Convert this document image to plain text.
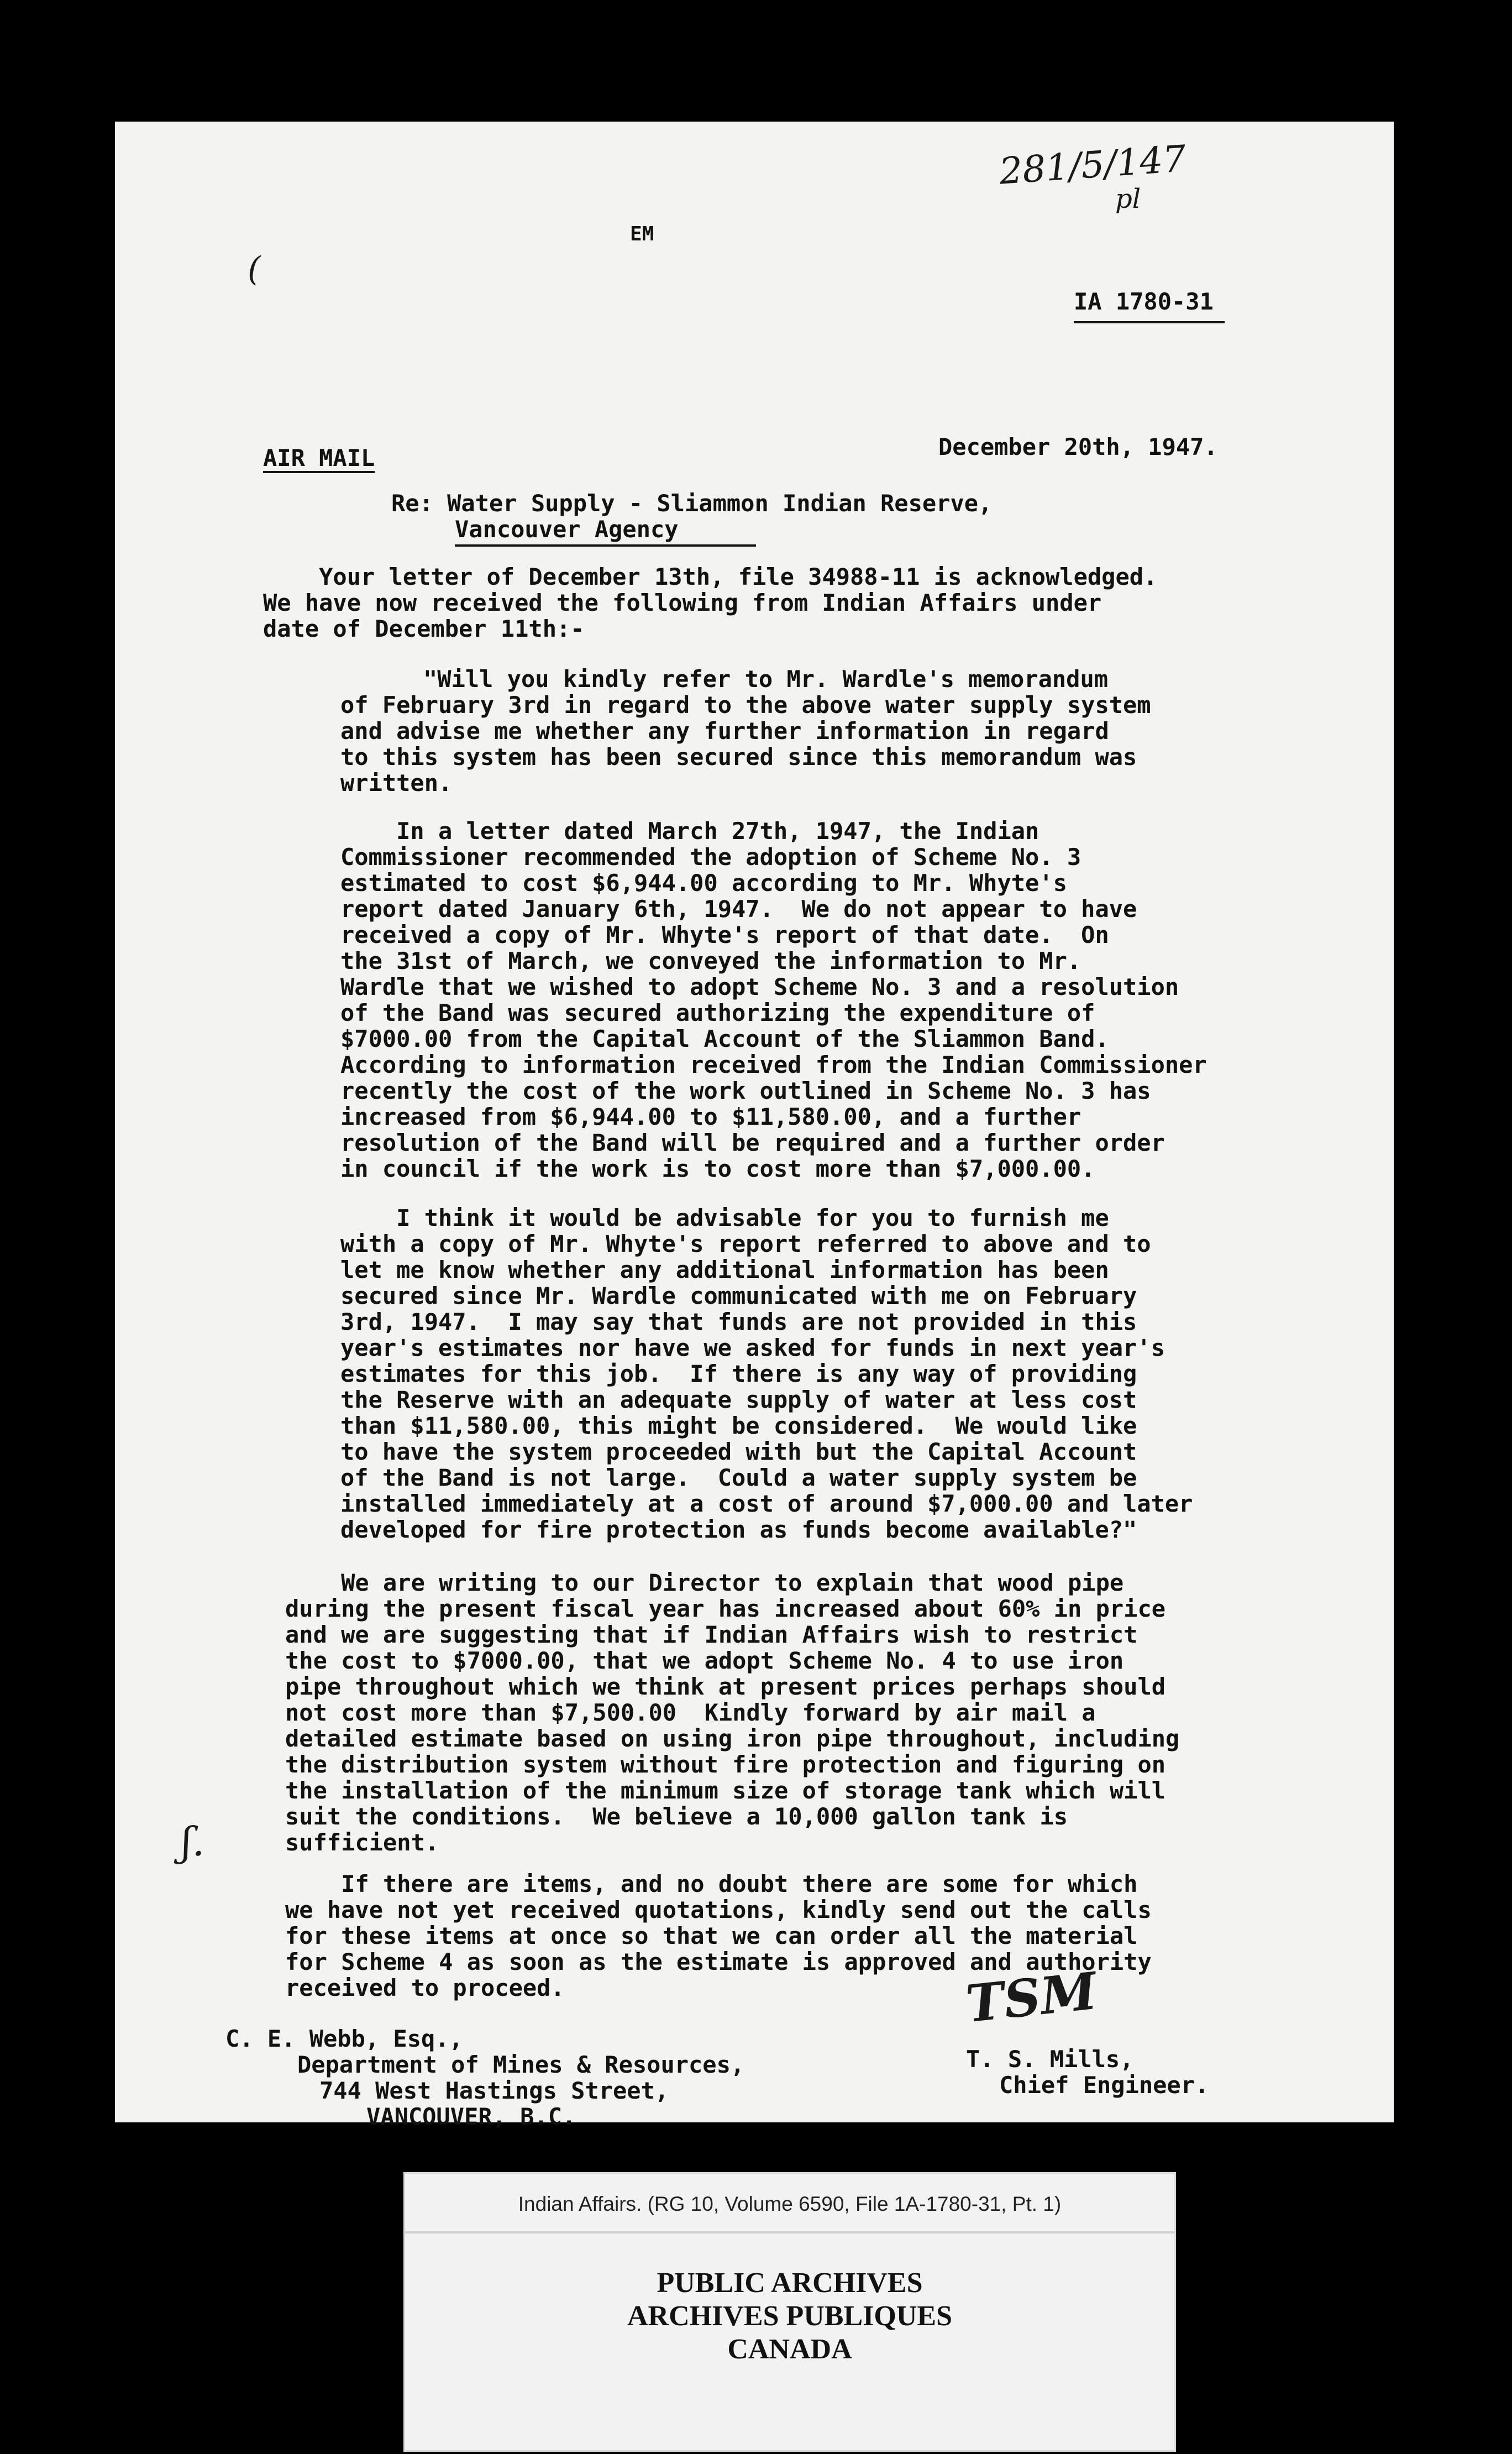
281/5/147
pl
EM
(
IA 1780-31
AIR MAIL	December 20th, 1947.
Re: Water Supply - Sliammon Indian Reserve,
Vancouver Agency
Your letter of December 13th, file 34988-11 is acknowledged.
We have now received the following from Indian Affairs under
date of December 11th:-
"Will you kindly refer to Mr. Wardle's memorandum
of February 3rd in regard to the above water supply system
and advise me whether any further information in regard
to this system has been secured since this memorandum was
written.
In a letter dated March 27th, 1947, the Indian
Commissioner recommended the adoption of Scheme No. 3
estimated to cost $6,944.00 according to Mr. Whyte's
report dated January 6th, 1947.  We do not appear to have
received a copy of Mr. Whyte's report of that date.  On
the 31st of March, we conveyed the information to Mr.
Wardle that we wished to adopt Scheme No. 3 and a resolution
of the Band was secured authorizing the expenditure of
$7000.00 from the Capital Account of the Sliammon Band.
According to information received from the Indian Commissioner
recently the cost of the work outlined in Scheme No. 3 has
increased from $6,944.00 to $11,580.00, and a further
resolution of the Band will be required and a further order
in council if the work is to cost more than $7,000.00.
I think it would be advisable for you to furnish me
with a copy of Mr. Whyte's report referred to above and to
let me know whether any additional information has been
secured since Mr. Wardle communicated with me on February
3rd, 1947.  I may say that funds are not provided in this
year's estimates nor have we asked for funds in next year's
estimates for this job.  If there is any way of providing
the Reserve with an adequate supply of water at less cost
than $11,580.00, this might be considered.  We would like
to have the system proceeded with but the Capital Account
of the Band is not large.  Could a water supply system be
installed immediately at a cost of around $7,000.00 and later
developed for fire protection as funds become available?"
We are writing to our Director to explain that wood pipe
during the present fiscal year has increased about 60% in price
and we are suggesting that if Indian Affairs wish to restrict
the cost to $7000.00, that we adopt Scheme No. 4 to use iron
pipe throughout which we think at present prices perhaps should
not cost more than $7,500.00  Kindly forward by air mail a
detailed estimate based on using iron pipe throughout, including
the distribution system without fire protection and figuring on
the installation of the minimum size of storage tank which will
suit the conditions.  We believe a 10,000 gallon tank is
sufficient.
ʃ.
If there are items, and no doubt there are some for which
we have not yet received quotations, kindly send out the calls
for these items at once so that we can order all the material
for Scheme 4 as soon as the estimate is approved and authority
received to proceed.	TSM
C. E. Webb, Esq.,
Department of Mines & Resources,
744 West Hastings Street,
VANCOUVER, B.C.
T. S. Mills,
Chief Engineer.
Indian Affairs. (RG 10, Volume 6590, File 1A-1780-31, Pt. 1)
PUBLIC ARCHIVES
ARCHIVES PUBLIQUES
CANADA
